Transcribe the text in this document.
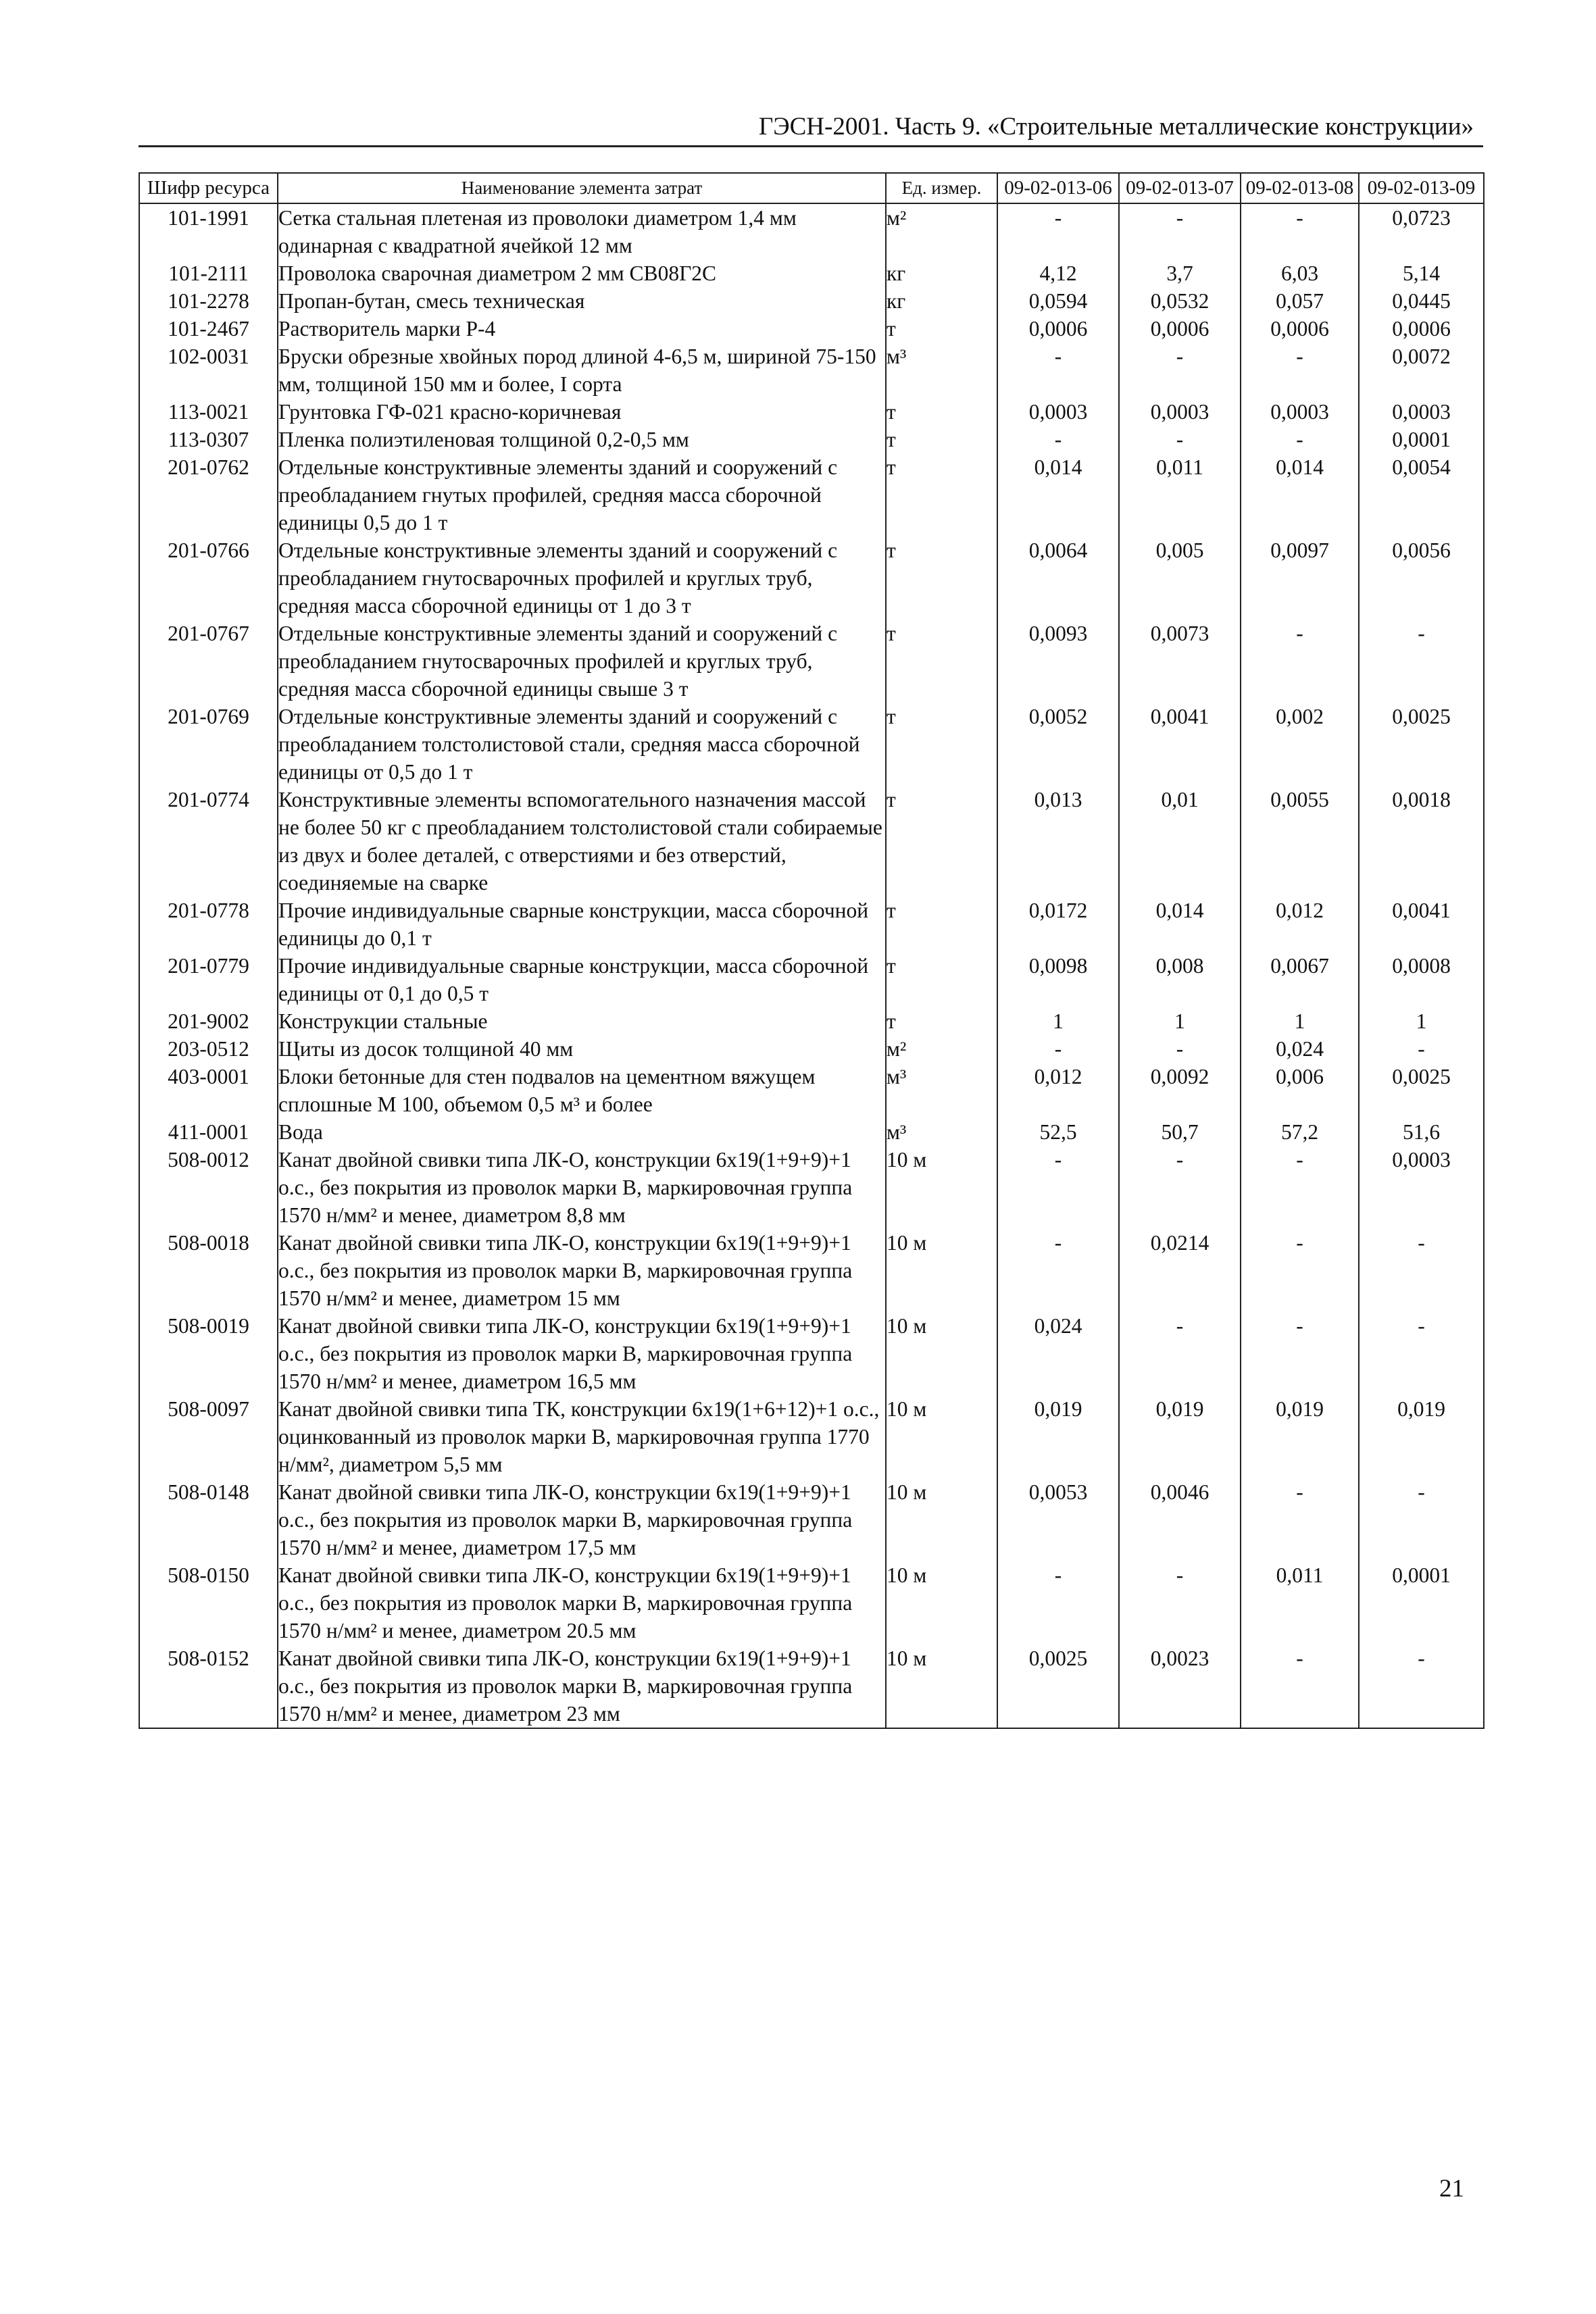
ГЭСН-2001. Часть 9. «Строительные металлические конструкции»
Шифр ресурса	Наименование элемента затрат	Ед. измер.	09-02-013-06	09-02-013-07	09-02-013-08	09-02-013-09
101-1991	Сетка стальная плетеная из проволоки диаметром 1,4 мм одинарная с квадратной ячейкой 12 мм	м²	-	-	-	0,0723
101-2111	Проволока сварочная диаметром 2 мм СВ08Г2С	кг	4,12	3,7	6,03	5,14
101-2278	Пропан-бутан, смесь техническая	кг	0,0594	0,0532	0,057	0,0445
101-2467	Растворитель марки Р-4	т	0,0006	0,0006	0,0006	0,0006
102-0031	Бруски обрезные хвойных пород длиной 4-6,5 м, шириной 75-150 мм, толщиной 150 мм и более, I сорта	м³	-	-	-	0,0072
113-0021	Грунтовка ГФ-021 красно-коричневая	т	0,0003	0,0003	0,0003	0,0003
113-0307	Пленка полиэтиленовая толщиной 0,2-0,5 мм	т	-	-	-	0,0001
201-0762	Отдельные конструктивные элементы зданий и сооружений с преобладанием гнутых профилей, средняя масса сборочной единицы 0,5 до 1 т	т	0,014	0,011	0,014	0,0054
201-0766	Отдельные конструктивные элементы зданий и сооружений с преобладанием гнутосварочных профилей и круглых труб, средняя масса сборочной единицы от 1 до 3 т	т	0,0064	0,005	0,0097	0,0056
201-0767	Отдельные конструктивные элементы зданий и сооружений с преобладанием гнутосварочных профилей и круглых труб, средняя масса сборочной единицы свыше 3 т	т	0,0093	0,0073	-	-
201-0769	Отдельные конструктивные элементы зданий и сооружений с преобладанием толстолистовой стали, средняя масса сборочной единицы от 0,5 до 1 т	т	0,0052	0,0041	0,002	0,0025
201-0774	Конструктивные элементы вспомогательного назначения массой не более 50 кг с преобладанием толстолистовой стали собираемые из двух и более деталей, с отверстиями и без отверстий, соединяемые на сварке	т	0,013	0,01	0,0055	0,0018
201-0778	Прочие индивидуальные сварные конструкции, масса сборочной единицы до 0,1 т	т	0,0172	0,014	0,012	0,0041
201-0779	Прочие индивидуальные сварные конструкции, масса сборочной единицы от 0,1 до 0,5 т	т	0,0098	0,008	0,0067	0,0008
201-9002	Конструкции стальные	т	1	1	1	1
203-0512	Щиты из досок толщиной 40 мм	м²	-	-	0,024	-
403-0001	Блоки бетонные для стен подвалов на цементном вяжущем сплошные М 100, объемом 0,5 м³ и более	м³	0,012	0,0092	0,006	0,0025
411-0001	Вода	м³	52,5	50,7	57,2	51,6
508-0012	Канат двойной свивки типа ЛК-О, конструкции 6х19(1+9+9)+1 о.с., без покрытия из проволок марки В, маркировочная группа 1570 н/мм² и менее, диаметром 8,8 мм	10 м	-	-	-	0,0003
508-0018	Канат двойной свивки типа ЛК-О, конструкции 6х19(1+9+9)+1 о.с., без покрытия из проволок марки В, маркировочная группа 1570 н/мм² и менее, диаметром 15 мм	10 м	-	0,0214	-	-
508-0019	Канат двойной свивки типа ЛК-О, конструкции 6х19(1+9+9)+1 о.с., без покрытия из проволок марки В, маркировочная группа 1570 н/мм² и менее, диаметром 16,5 мм	10 м	0,024	-	-	-
508-0097	Канат двойной свивки типа ТК, конструкции 6х19(1+6+12)+1 о.с., оцинкованный из проволок марки В, маркировочная группа 1770 н/мм², диаметром 5,5 мм	10 м	0,019	0,019	0,019	0,019
508-0148	Канат двойной свивки типа ЛК-О, конструкции 6х19(1+9+9)+1 о.с., без покрытия из проволок марки В, маркировочная группа 1570 н/мм² и менее, диаметром 17,5 мм	10 м	0,0053	0,0046	-	-
508-0150	Канат двойной свивки типа ЛК-О, конструкции 6х19(1+9+9)+1 о.с., без покрытия из проволок марки В, маркировочная группа 1570 н/мм² и менее, диаметром 20.5 мм	10 м	-	-	0,011	0,0001
508-0152	Канат двойной свивки типа ЛК-О, конструкции 6х19(1+9+9)+1 о.с., без покрытия из проволок марки В, маркировочная группа 1570 н/мм² и менее, диаметром 23 мм	10 м	0,0025	0,0023	-	-
21
